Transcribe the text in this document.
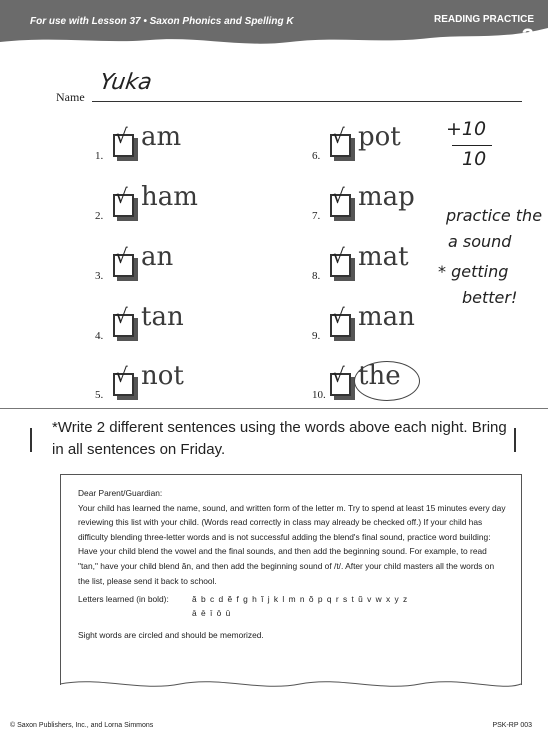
For use with Lesson 37 • Saxon Phonics and Spelling K	READING PRACTICE
3
Name
Yuka
1.
√ am
2.
√ ham
3.
√ an
4.
√ tan
5.
√ not
6.
√ pot
7.
√ map
8.
√ mat
9.
√ man
10.
√ the
+10
10
practice the
a sound
* getting
better!
*Write 2 different sentences using the words above each night. Bring in all sentences on Friday.
Dear Parent/Guardian:
Your child has learned the name, sound, and written form of the letter m. Try to spend at least 15 minutes every day reviewing this list with your child. (Words read correctly in class may already be checked off.) If your child has difficulty blending three-letter words and is not successful adding the blend's final sound, practice word building: Have your child blend the vowel and the final sounds, and then add the beginning sound. For example, to read "tan," have your child blend ăn, and then add the beginning sound of /t/. After your child masters all the words on the list, please send it back to school.
Letters learned (in bold):	ă b c d ĕ f g h ĭ j k l m n ŏ p q r s t ŭ v w x y z
ā ē ī ō ū
Sight words are circled and should be memorized.
© Saxon Publishers, Inc., and Lorna Simmons	PSK-RP 003
